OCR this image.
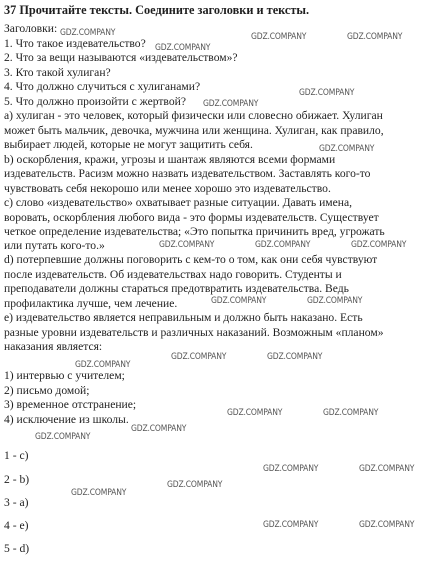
37 Прочитайте тексты. Соедините заголовки и тексты.
Заголовки:
1. Что такое издевательство?
2. Что за вещи называются «издевательством»?
3. Кто такой хулиган?
4. Что должно случиться с хулиганами?
5. Что должно произойти с жертвой?
а) хулиган - это человек, который физически или словесно обижает. Хулиган
может быть мальчик, девочка, мужчина или женщина. Хулиган, как правило,
выбирает людей, которые не могут защитить себя.
b) оскорбления, кражи, угрозы и шантаж являются всеми формами
издевательств. Расизм можно назвать издевательством. Заставлять кого-то
чувствовать себя некорошо или менее хорошо это издевательство.
c) слово «издевательство» охватывает разные ситуации. Давать имена,
воровать, оскорбления любого вида - это формы издевательств. Существует
четкое определение издевательства; «Это попытка причинить вред, угрожать
или путать кого-то.»
d) потерпевшие должны поговорить с кем-то о том, как они себя чувствуют
после издевательств. Об издевательствах надо говорить. Студенты и
преподаватели должны стараться предотвратить издевательства. Ведь
профилактика лучше, чем лечение.
е) издевательство является неправильным и должно быть наказано. Есть
разные уровни издевательств и различных наказаний. Возможным «планом»
наказания является:
1) интервью с учителем;
2) письмо домой;
3) временное отстранение;
4) исключение из школы.
1 - c)
2 - b)
3 - a)
4 - e)
5 - d)
GDZ.COMPANY	GDZ.COMPANY	GDZ.COMPANY
GDZ.COMPANY
GDZ.COMPANY
GDZ.COMPANY
GDZ.COMPANY
GDZ.COMPANY	GDZ.COMPANY	GDZ.COMPANY
GDZ.COMPANY	GDZ.COMPANY
GDZ.COMPANY	GDZ.COMPANY
GDZ.COMPANY
GDZ.COMPANY	GDZ.COMPANY
GDZ.COMPANY
GDZ.COMPANY
GDZ.COMPANY	GDZ.COMPANY
GDZ.COMPANY
GDZ.COMPANY
GDZ.COMPANY	GDZ.COMPANY
